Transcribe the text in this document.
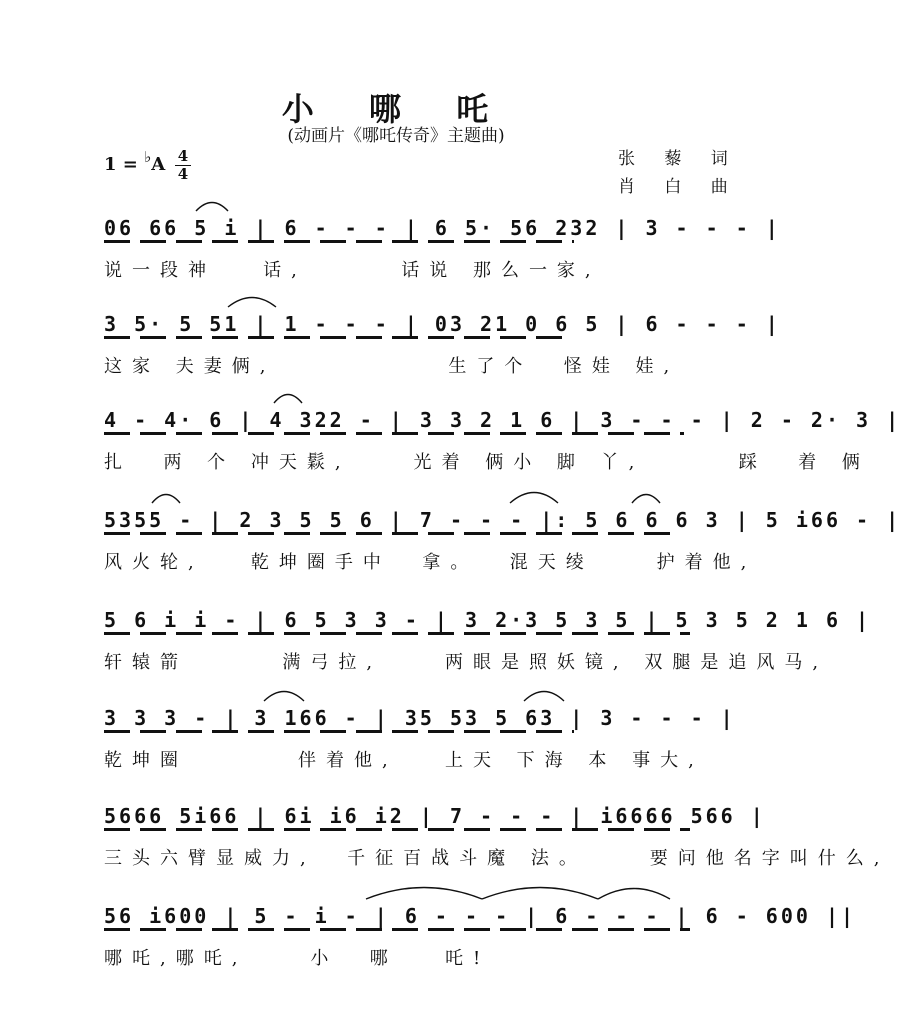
小 哪 吒
(动画片《哪吒传奇》主题曲)
1 = ♭A 4
4
张 藜 词
肖 白 曲
06 66 5 i | 6 - - - | 6 5· 56 232 | 3 - - - |
说一段神   话,      话说 那么一家,
3 5· 5 51 | 1 - - - | 03 21 0 6 5 | 6 - - - |
这家 夫妻俩,           生了个  怪娃 娃,
4 - 4· 6 | 4 322 - | 3 3 2 1 6 | 3 - - - | 2 - 2· 3 |
扎  两 个 冲天鬏,    光着 俩小 脚 丫,      踩  着 俩
5355 - | 2 3 5 5 6 | 7 - - - |: 5 6 6 6 3 | 5 i66 - |
风火轮,   乾坤圈手中  拿。  混天绫    护着他,
5 6 i i - | 6 5 3 3 - | 3 2·3 5 3 5 | 5 3 5 2 1 6 |
轩辕箭      满弓拉,    两眼是照妖镜, 双腿是追风马,
3 3 3 - | 3 166 - | 35 53 5 63 | 3 - - - |
乾坤圈       伴着他,   上天 下海 本 事大,
5666 5i66 | 6i i6 i2 | 7 - - - | i6666 566 |
三头六臂显威力,  千征百战斗魔 法。    要问他名字叫什么,
56 i600 | 5 - i - | 6 - - - | 6 - - - | 6 - 600 ||
哪吒,哪吒,    小  哪   吒!
